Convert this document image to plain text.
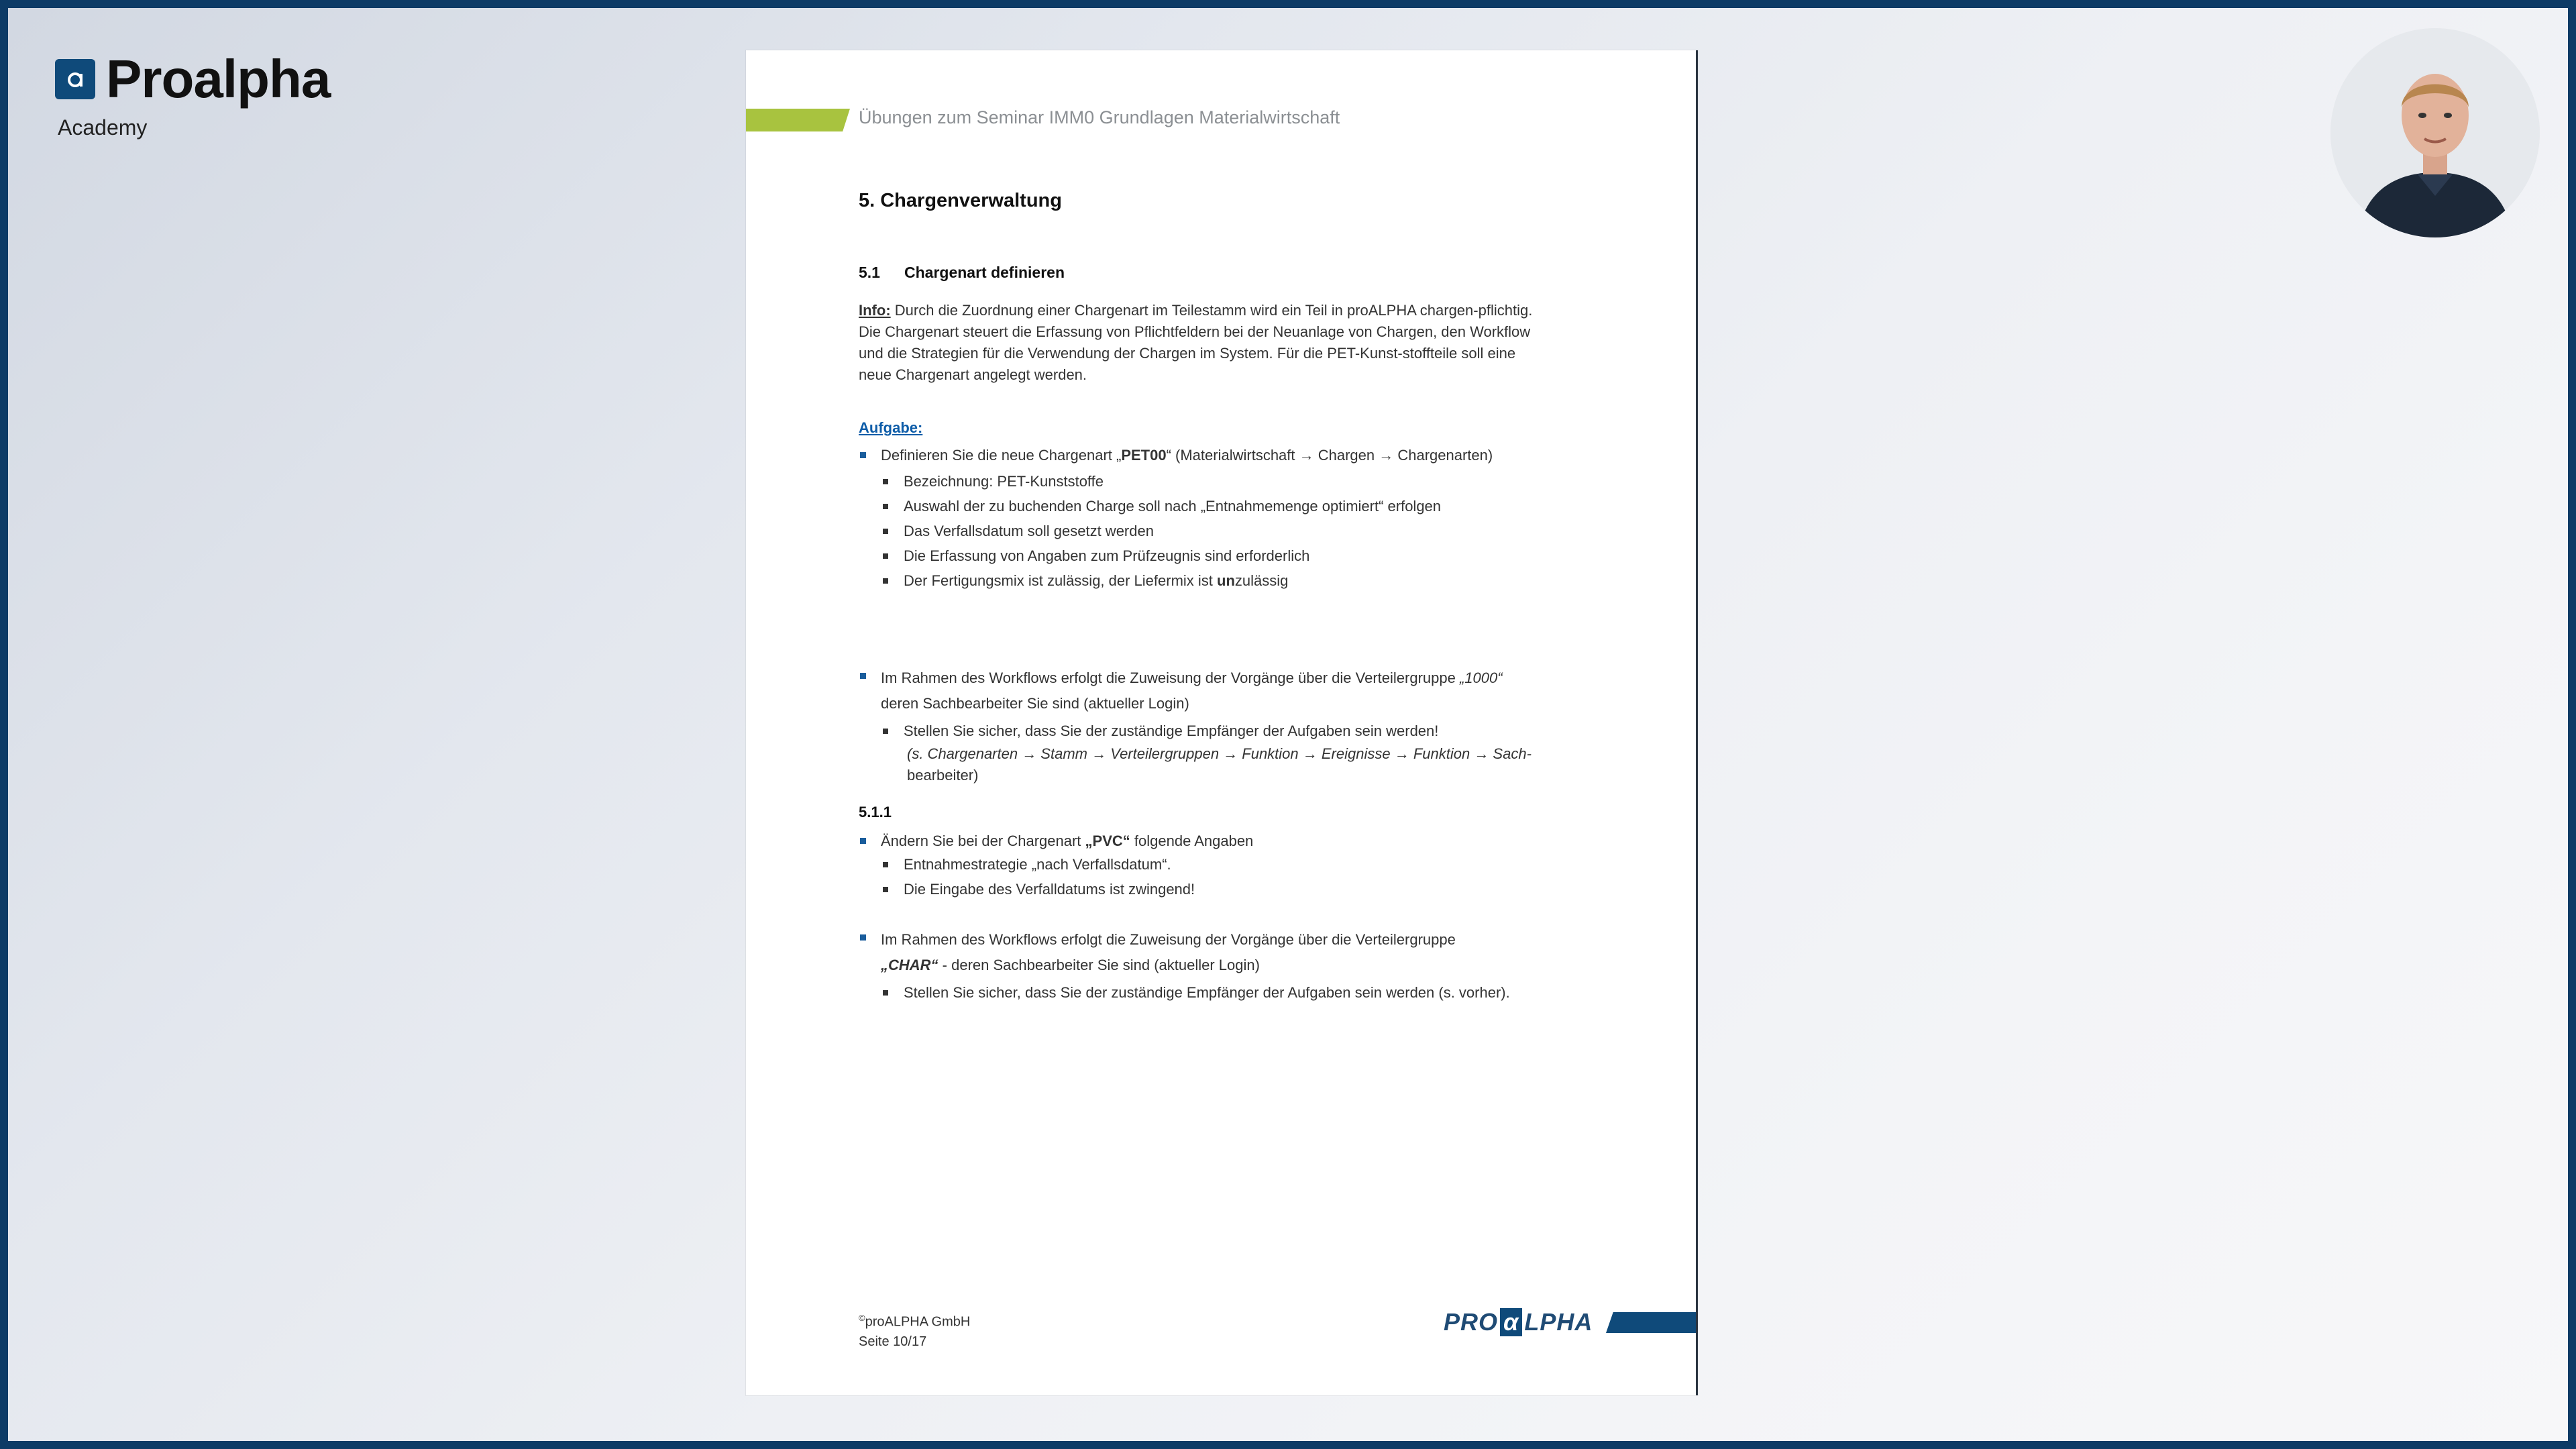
Proalpha
Academy	Übungen zum Seminar IMM0 Grundlagen Materialwirtschaft
5. Chargenverwaltung
5.1 Chargenart definieren
Info: Durch die Zuordnung einer Chargenart im Teilestamm wird ein Teil in proALPHA chargen-pflichtig. Die Chargenart steuert die Erfassung von Pflichtfeldern bei der Neuanlage von Chargen, den Workflow und die Strategien für die Verwendung der Chargen im System. Für die PET-Kunst-stoffteile soll eine neue Chargenart angelegt werden.
Aufgabe:
Definieren Sie die neue Chargenart „PET00“ (Materialwirtschaft → Chargen → Chargenarten)
Bezeichnung: PET-Kunststoffe
Auswahl der zu buchenden Charge soll nach „Entnahmemenge optimiert“ erfolgen
Das Verfallsdatum soll gesetzt werden
Die Erfassung von Angaben zum Prüfzeugnis sind erforderlich
Der Fertigungsmix ist zulässig, der Liefermix ist unzulässig
Im Rahmen des Workflows erfolgt die Zuweisung der Vorgänge über die Verteilergruppe „1000“
deren Sachbearbeiter Sie sind (aktueller Login)
Stellen Sie sicher, dass Sie der zuständige Empfänger der Aufgaben sein werden!
(s. Chargenarten → Stamm → Verteilergruppen → Funktion → Ereignisse → Funktion → Sach-
bearbeiter)
5.1.1
Ändern Sie bei der Chargenart „PVC“ folgende Angaben
Entnahmestrategie „nach Verfallsdatum“.
Die Eingabe des Verfalldatums ist zwingend!
Im Rahmen des Workflows erfolgt die Zuweisung der Vorgänge über die Verteilergruppe
„CHAR“ - deren Sachbearbeiter Sie sind (aktueller Login)
Stellen Sie sicher, dass Sie der zuständige Empfänger der Aufgaben sein werden (s. vorher).
©proALPHA GmbH
Seite 10/17
PRO α LPHA
